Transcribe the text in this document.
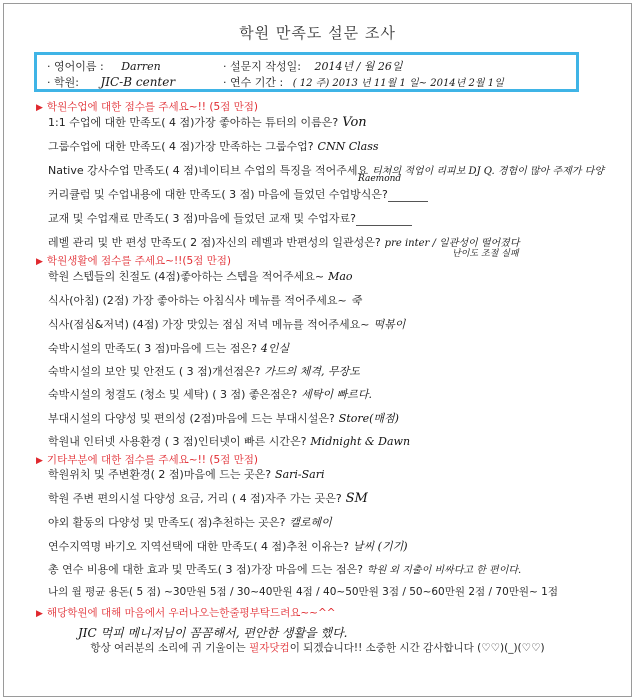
학원 만족도 설문 조사
· 영어이름 : Darren	· 설문지 작성일: 2014년 / 월 26일
· 학원: JIC-B center	· 연수 기간 : ( 12 주) 2013 년 11월 1 일~ 2014년 2월 1일
▶ 학원수업에 대한 점수를 주세요~!! (5점 만점)
1:1 수업에 대한 만족도( 4 점)가장 좋아하는 튜터의 이름은? Von
그룹수업에 대한 만족도( 4 점)가장 만족하는 그룹수업? CNN Class
Native 강사수업 만족도( 4 점)네이티브 수업의 특징을 적어주세요 티쳐의 적업이 리피보 DJ Q. 경험이 많아 주제가 다양
Raemond
커리큘럼 및 수업내용에 대한 만족도( 3 점) 마음에 들었던 수업방식은?
교재 및 수업재료 만족도( 3 점)마음에 들었던 교재 및 수업자료?
레벨 관리 및 반 편성 만족도( 2 점)자신의 레벨과 반편성의 일관성은? pre inter / 일관성이 떨어졌다
난이도 조절 실패
▶ 학원생활에 점수를 주세요~!!(5점 만점)
학원 스텝들의 친절도 (4점)좋아하는 스텝을 적어주세요~ Mao
식사(아침) (2점) 가장 좋아하는 아침식사 메뉴를 적어주세요~ 죽
식사(점심&저녁) (4점) 가장 맛있는 점심 저녁 메뉴를 적어주세요~ 떡볶이
숙박시설의 만족도( 3 점)마음에 드는 점은? 4인실
숙박시설의 보안 및 안전도 ( 3 점)개선점은? 가드의 체격, 무장도
숙박시설의 청결도 (청소 및 세탁) ( 3 점) 좋은점은? 세탁이 빠르다.
부대시설의 다양성 및 편의성 (2점)마음에 드는 부대시설은? Store(매점)
학원내 인터넷 사용환경 ( 3 점)인터넷이 빠른 시간은? Midnight & Dawn
▶ 기타부분에 대한 점수를 주세요~!! (5점 만점)
학원위치 및 주변환경( 2 점)마음에 드는 곳은? Sari-Sari
학원 주변 편의시설 다양성 요금, 거리 ( 4 점)자주 가는 곳은? SM
야외 활동의 다양성 및 만족도( 점)추천하는 곳은? 캘로헤이
연수지역명 바기오 지역선택에 대한 만족도( 4 점)추천 이유는? 날씨 (기기)
총 연수 비용에 대한 효과 및 만족도( 3 점)가장 마음에 드는 점은? 학원 외 지출이 비싸다고 한 편이다.
나의 월 평균 용돈( 5 점) ~30만원 5점 / 30~40만원 4점 / 40~50만원 3점 / 50~60만원 2점 / 70만원~ 1점
▶ 해당학원에 대해 마음에서 우러나오는한줄평부탁드려요~~^^
JIC 먹피 메니저님이 꼼꼼해서, 편안한 생활을 했다.
항상 여러분의 소리에 귀 기울이는 필자닷컴이 되겠습니다!! 소중한 시간 감사합니다 (♡♡)(_)(♡♡)
